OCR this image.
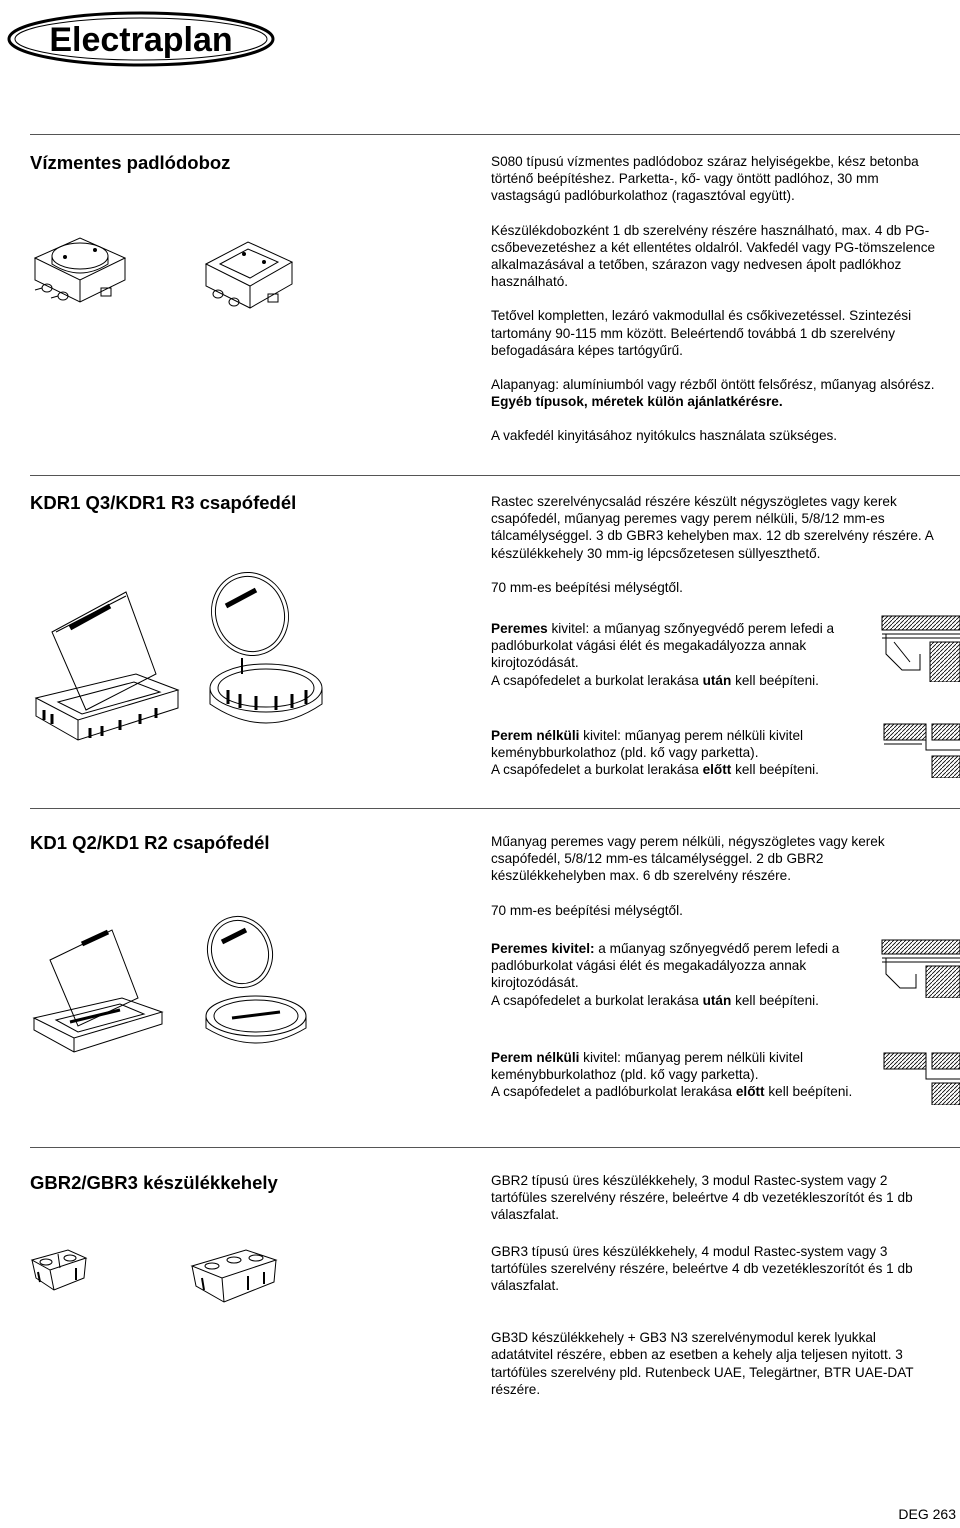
Electraplan
Vízmentes padlódoboz	S080 típusú vízmentes padlódoboz száraz helyiségekbe, kész betonba történő beépítéshez. Parketta-, kő- vagy öntött padlóhoz, 30 mm vastagságú padlóburkolathoz (ragasztóval együtt).

Készülékdobozként 1 db szerelvény részére használható, max. 4 db PG-csőbevezetéshez a két ellentétes oldalról. Vakfedél vagy PG-tömszelence alkalmazásával a tetőben, szárazon vagy nedvesen ápolt padlókhoz használható.

Tetővel kompletten, lezáró vakmodullal és csőkivezetéssel. Szintezési tartomány 90-115 mm között. Beleértendő továbbá 1 db szerelvény befogadására képes tartógyűrű.

Alapanyag: alumíniumból vagy rézből öntött felsőrész, műanyag alsórész. Egyéb típusok, méretek külön ajánlatkérésre.

A vakfedél kinyitásához nyitókulcs használata szükséges.

KDR1 Q3/KDR1 R3 csapófedél	Rastec szerelvénycsalád részére készült négyszögletes vagy kerek csapófedél, műanyag peremes vagy perem nélküli, 5/8/12 mm-es tálcamélységgel. 3 db GBR3 kehelyben max. 12 db szerelvény részére. A készülékkehely 30 mm-ig lépcsőzetesen süllyeszthető.

70 mm-es beépítési mélységtől.

Peremes kivitel: a műanyag szőnyegvédő perem lefedi a padlóburkolat vágási élét és megakadályozza annak kirojtozódását.

A csapófedelet a burkolat lerakása után kell beépíteni.

Perem nélküli kivitel: műanyag perem nélküli kivitel keménybburkolathoz (pld. kő vagy parketta).

A csapófedelet a burkolat lerakása előtt kell beépíteni.

KD1 Q2/KD1 R2 csapófedél	Műanyag peremes vagy perem nélküli, négyszögletes vagy kerek csapófedél, 5/8/12 mm-es tálcamélységgel. 2 db GBR2 készülékkehelyben max. 6 db szerelvény részére.

70 mm-es beépítési mélységtől.

Peremes kivitel: a műanyag szőnyegvédő perem lefedi a padlóburkolat vágási élét és megakadályozza annak kirojtozódását.

A csapófedelet a burkolat lerakása után kell beépíteni.

Perem nélküli kivitel: műanyag perem nélküli kivitel keménybburkolathoz (pld. kő vagy parketta).

A csapófedelet a padlóburkolat lerakása előtt kell beépíteni.

GBR2/GBR3 készülékkehely	GBR2 típusú üres készülékkehely, 3 modul Rastec-system vagy 2 tartófüles szerelvény részére, beleértve 4 db vezetékleszorítót és 1 db válaszfalat.

GBR3 típusú üres készülékkehely, 4 modul Rastec-system vagy 3 tartófüles szerelvény részére, beleértve 4 db vezetékleszorítót és 1 db válaszfalat.

GB3D készülékkehely + GB3 N3 szerelvénymodul kerek lyukkal adatátvitel részére, ebben az esetben a kehely alja teljesen nyitott. 3 tartófüles szerelvény pld. Rutenbeck UAE, Telegärtner, BTR UAE-DAT részére.

DEG 263
